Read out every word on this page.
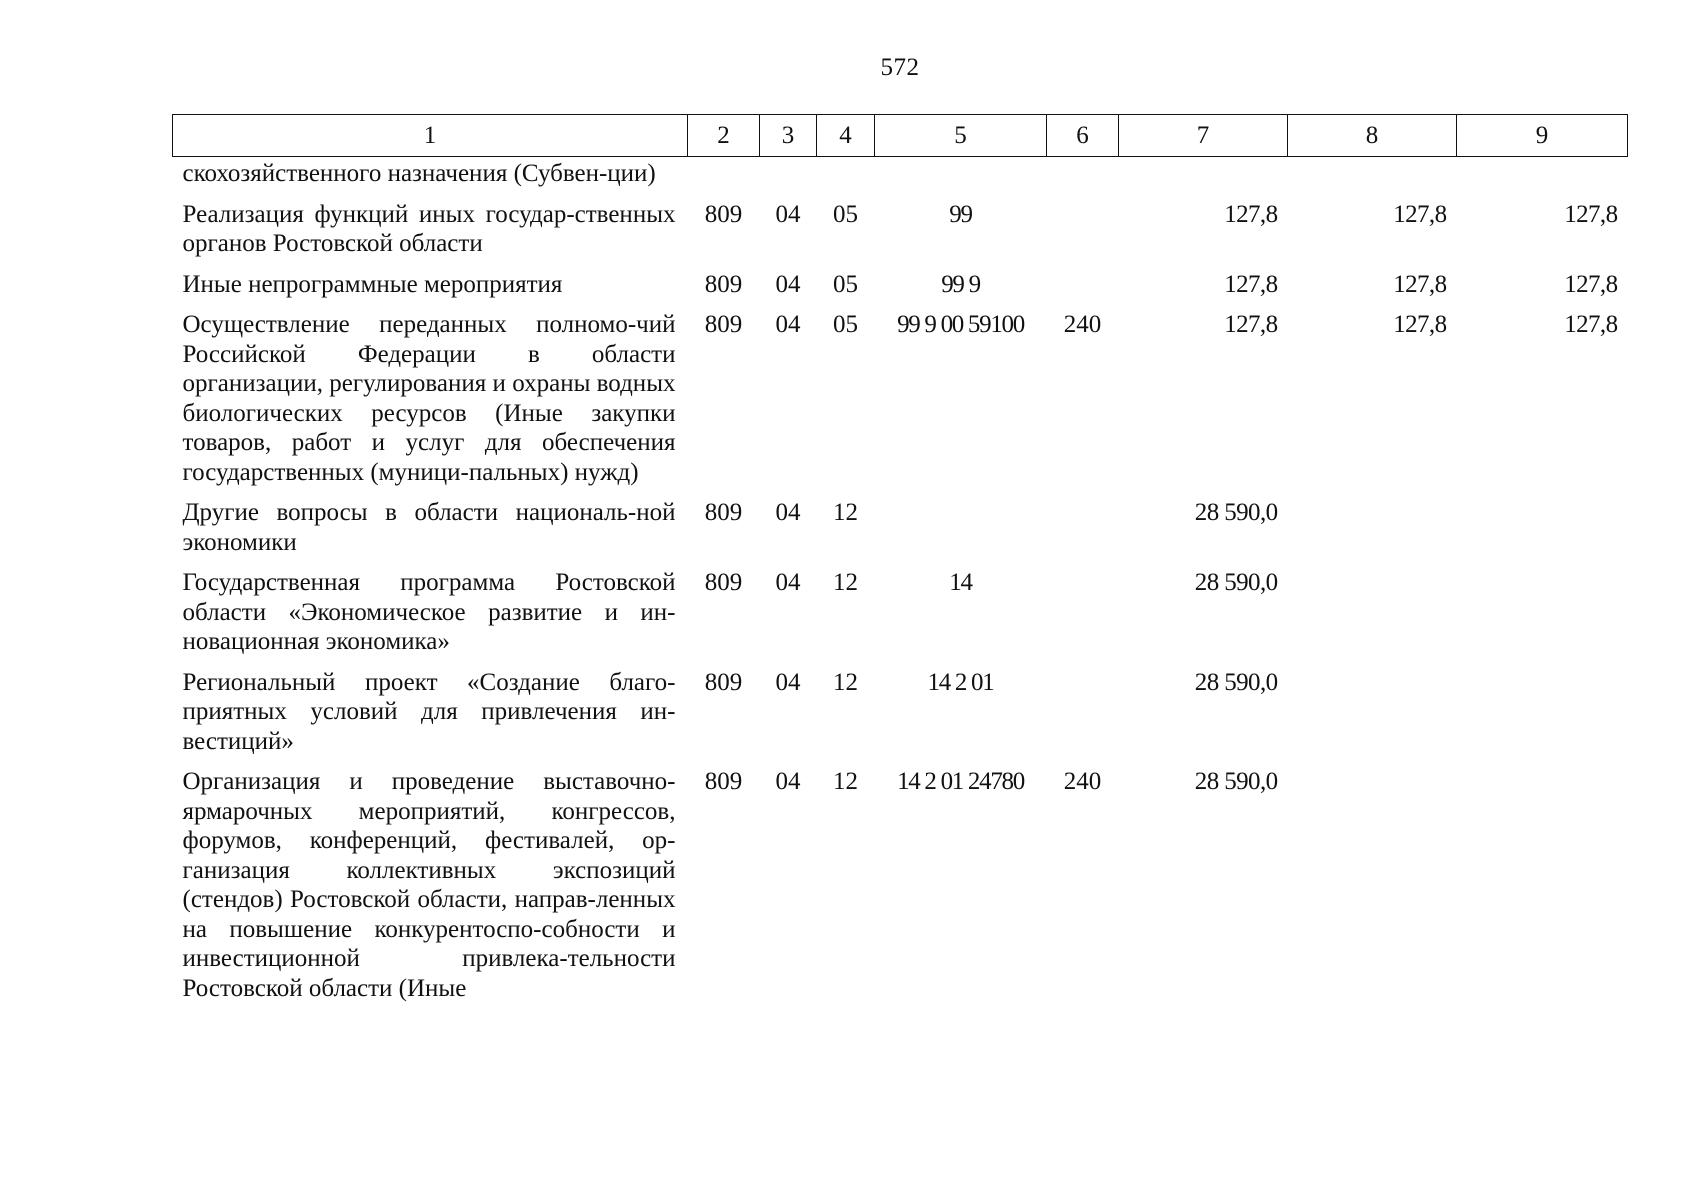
572
1	2	3	4	5	6	7	8	9
скохозяйственного назначения (Субвен-ции)								
Реализация функций иных государ-ственных органов Ростовской области	809	04	05	99		127,8	127,8	127,8
Иные непрограммные мероприятия	809	04	05	99 9		127,8	127,8	127,8
Осуществление переданных полномо-чий Российской Федерации в области организации, регулирования и охраны водных биологических ресурсов (Иные закупки товаров, работ и услуг для обеспечения государственных (муници-пальных) нужд)	809	04	05	99 9 00 59100	240	127,8	127,8	127,8
Другие вопросы в области националь-ной экономики	809	04	12			28 590,0		
Государственная программа Ростовской области «Экономическое развитие и ин-новационная экономика»	809	04	12	14		28 590,0		
Региональный проект «Создание благо-приятных условий для привлечения ин-вестиций»	809	04	12	14 2 01		28 590,0		
Организация и проведение выставочно-ярмарочных мероприятий, конгрессов, форумов, конференций, фестивалей, ор-ганизация коллективных экспозиций (стендов) Ростовской области, направ-ленных на повышение конкурентоспо-собности и инвестиционной привлека-тельности Ростовской области (Иные	809	04	12	14 2 01 24780	240	28 590,0		
